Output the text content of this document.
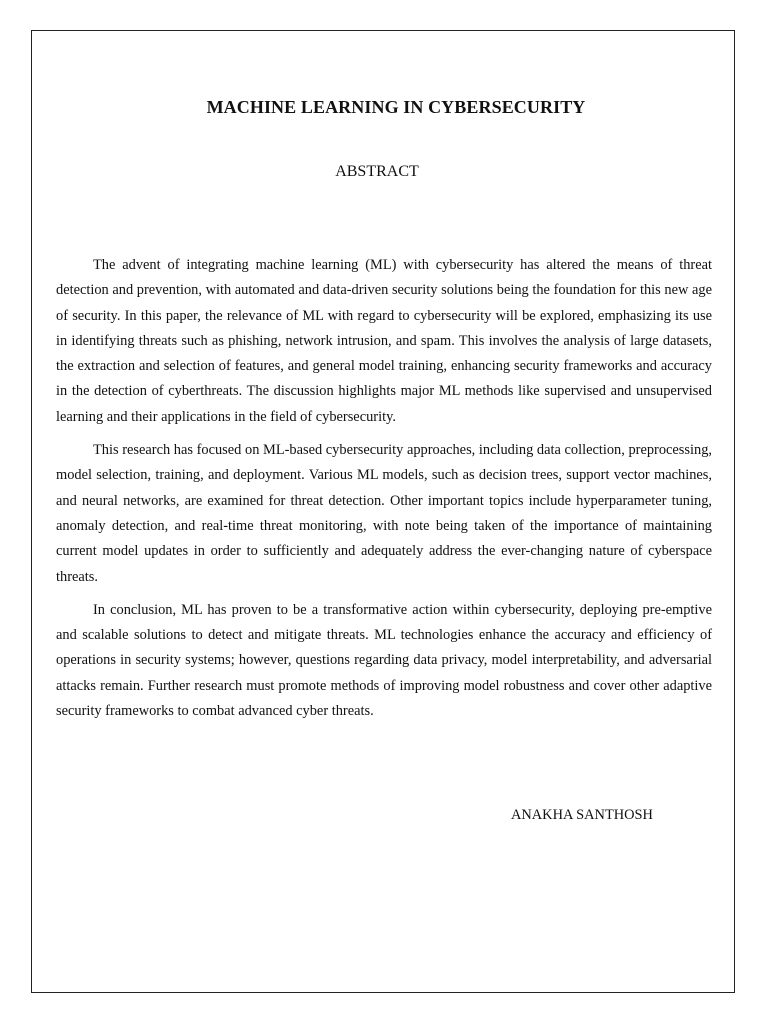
MACHINE LEARNING IN CYBERSECURITY
ABSTRACT

The advent of integrating machine learning (ML) with cybersecurity has altered the means of threat detection and prevention, with automated and data-driven security solutions being the foundation for this new age of security. In this paper, the relevance of ML with regard to cybersecurity will be explored, emphasizing its use in identifying threats such as phishing, network intrusion, and spam. This involves the analysis of large datasets, the extraction and selection of features, and general model training, enhancing security frameworks and accuracy in the detection of cyberthreats. The discussion highlights major ML methods like supervised and unsupervised learning and their applications in the field of cybersecurity.

This research has focused on ML-based cybersecurity approaches, including data collection, preprocessing, model selection, training, and deployment. Various ML models, such as decision trees, support vector machines, and neural networks, are examined for threat detection. Other important topics include hyperparameter tuning, anomaly detection, and real-time threat monitoring, with note being taken of the importance of maintaining current model updates in order to sufficiently and adequately address the ever-changing nature of cyberspace threats.

In conclusion, ML has proven to be a transformative action within cybersecurity, deploying pre-emptive and scalable solutions to detect and mitigate threats. ML technologies enhance the accuracy and efficiency of operations in security systems; however, questions regarding data privacy, model interpretability, and adversarial attacks remain. Further research must promote methods of improving model robustness and cover other adaptive security frameworks to combat advanced cyber threats.

ANAKHA SANTHOSH
